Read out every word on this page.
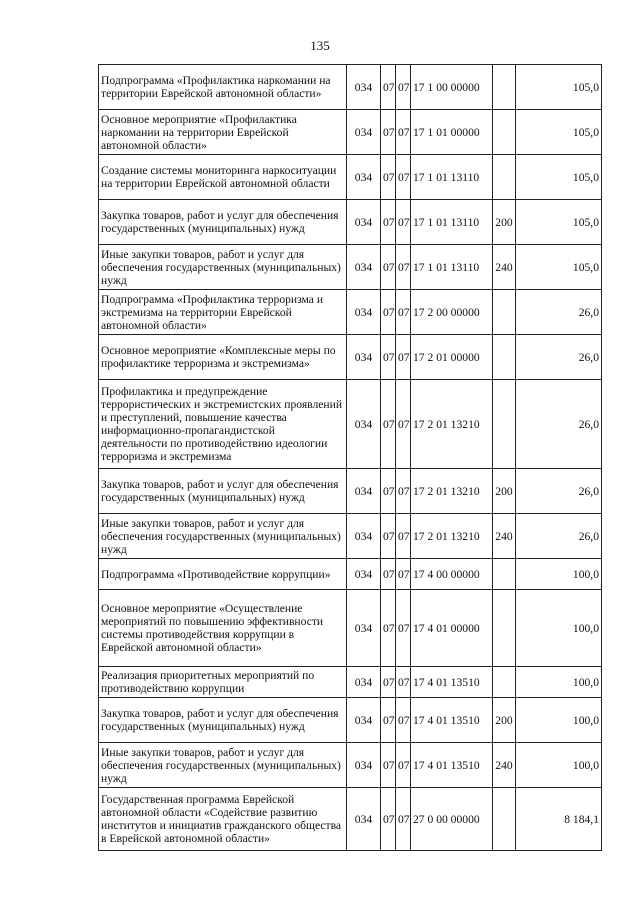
135
Подпрограмма «Профилактика наркомании на территории Еврейской автономной области»	034	07	07	17 1 00 00000		105,0
Основное мероприятие «Профилактика наркомании на территории Еврейской автономной области»	034	07	07	17 1 01 00000		105,0
Создание системы мониторинга наркоситуации на территории Еврейской автономной области	034	07	07	17 1 01 13110		105,0
Закупка товаров, работ и услуг для обеспечения государственных (муниципальных) нужд	034	07	07	17 1 01 13110	200	105,0
Иные закупки товаров, работ и услуг для обеспечения государственных (муниципальных) нужд	034	07	07	17 1 01 13110	240	105,0
Подпрограмма «Профилактика терроризма и экстремизма на территории Еврейской автономной области»	034	07	07	17 2 00 00000		26,0
Основное мероприятие «Комплексные меры по профилактике терроризма и экстремизма»	034	07	07	17 2 01 00000		26,0
Профилактика и предупреждение террористических и экстремистских проявлений и преступлений, повышение качества информационно-пропагандистской деятельности по противодействию идеологии терроризма и экстремизма	034	07	07	17 2 01 13210		26,0
Закупка товаров, работ и услуг для обеспечения государственных (муниципальных) нужд	034	07	07	17 2 01 13210	200	26,0
Иные закупки товаров, работ и услуг для обеспечения государственных (муниципальных) нужд	034	07	07	17 2 01 13210	240	26,0
Подпрограмма «Противодействие коррупции»	034	07	07	17 4 00 00000		100,0
Основное мероприятие «Осуществление мероприятий по повышению эффективности системы противодействия коррупции в Еврейской автономной области»	034	07	07	17 4 01 00000		100,0
Реализация приоритетных мероприятий по противодействию коррупции	034	07	07	17 4 01 13510		100,0
Закупка товаров, работ и услуг для обеспечения государственных (муниципальных) нужд	034	07	07	17 4 01 13510	200	100,0
Иные закупки товаров, работ и услуг для обеспечения государственных (муниципальных) нужд	034	07	07	17 4 01 13510	240	100,0
Государственная программа Еврейской автономной области «Содействие развитию институтов и инициатив гражданского общества в Еврейской автономной области»	034	07	07	27 0 00 00000		8 184,1
